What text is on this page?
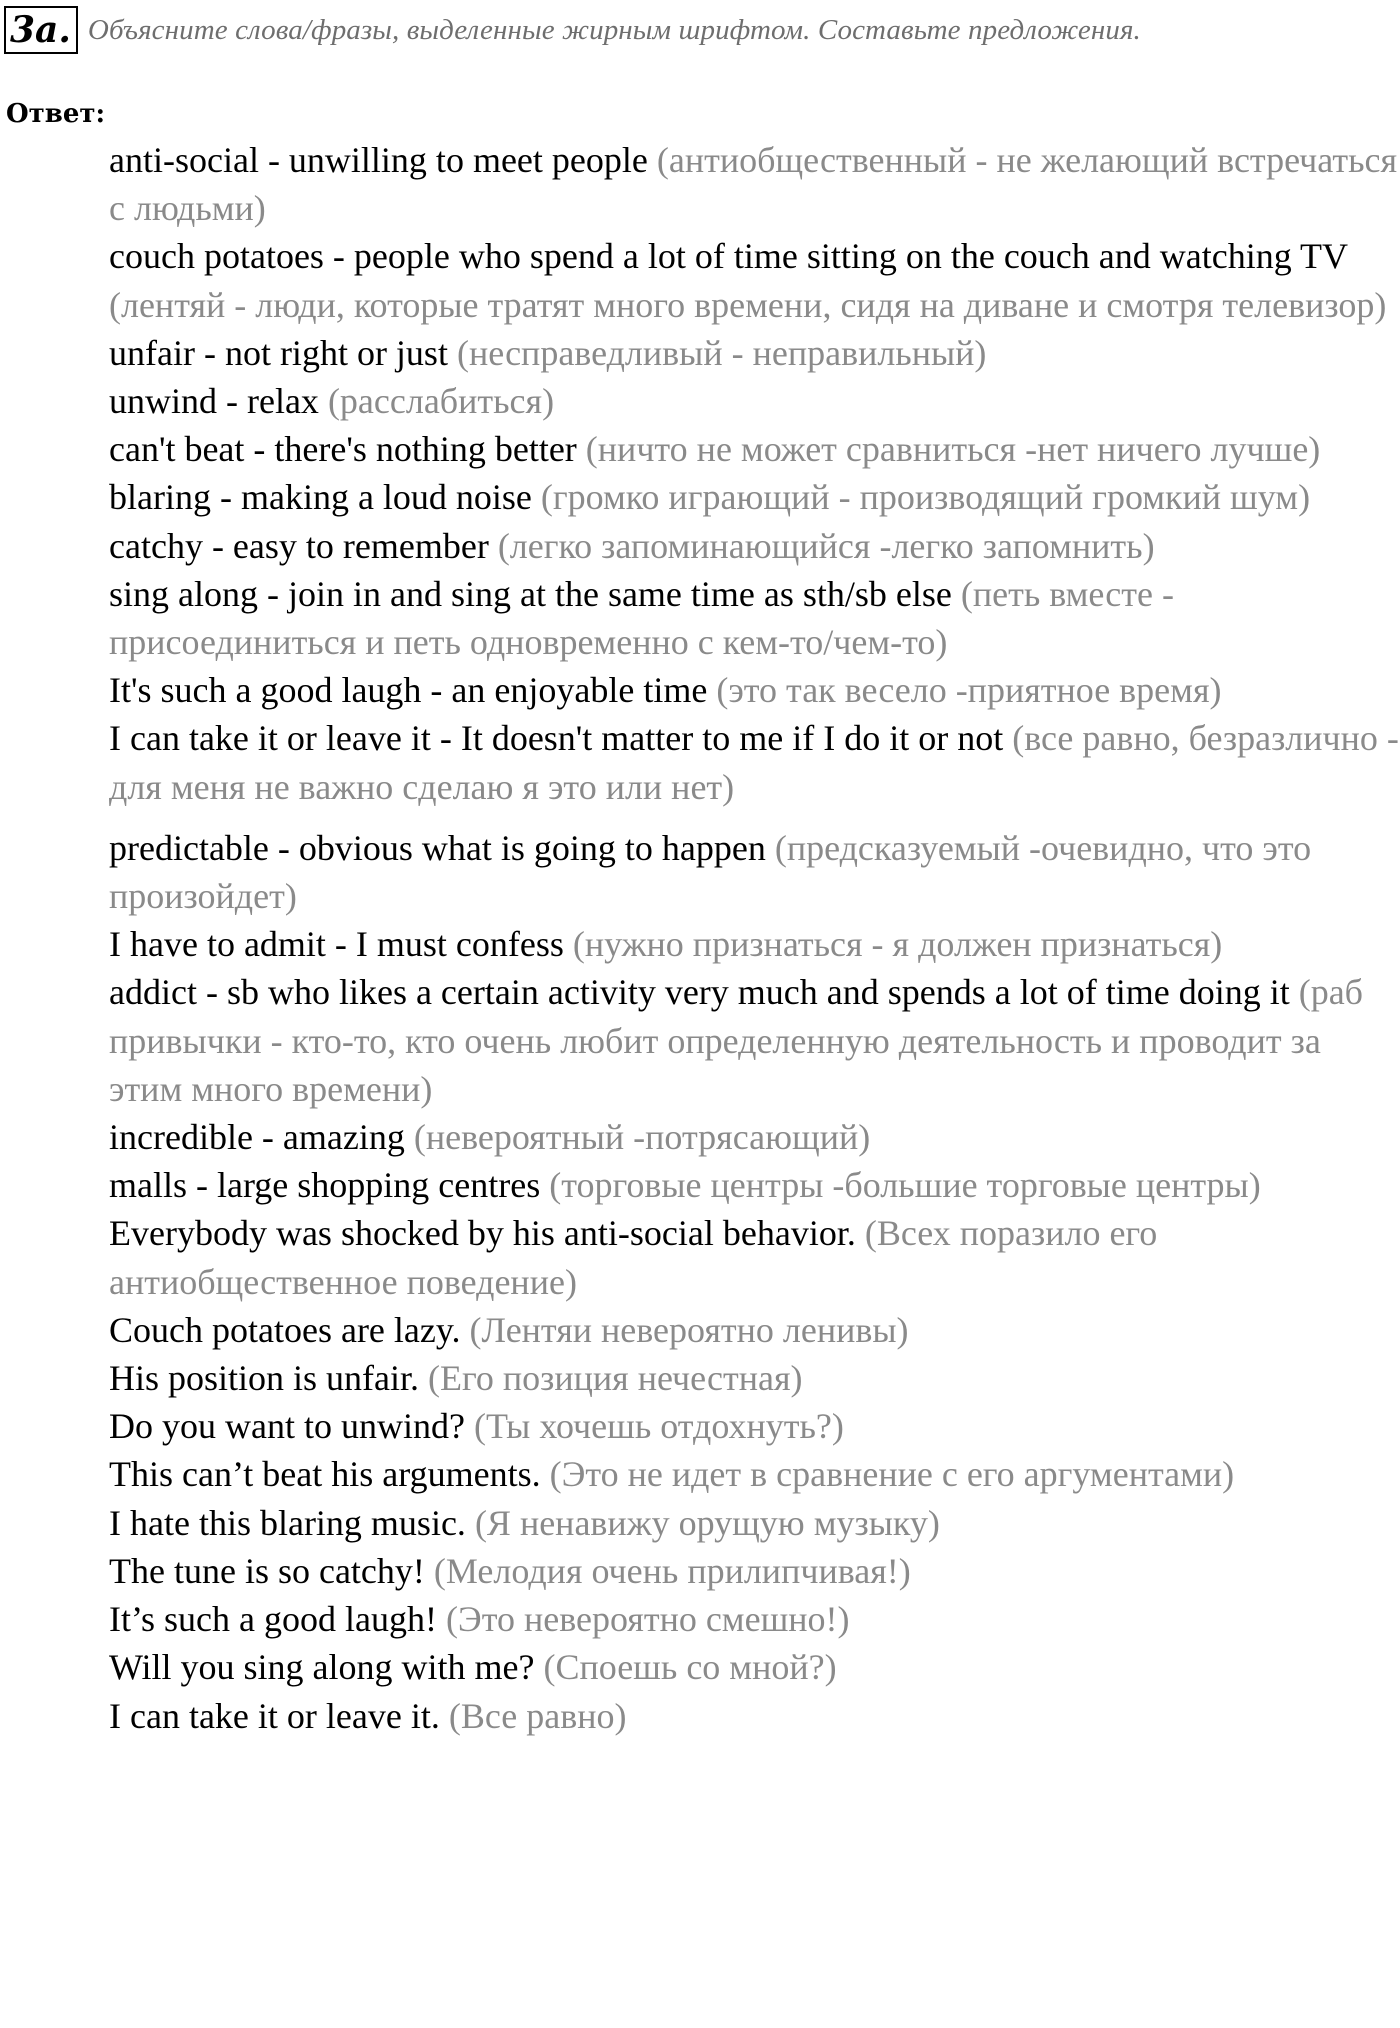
3a. Объясните слова/фразы, выделенные жирным шрифтом. Составьте предложения.
Ответ:
anti-social - unwilling to meet people (антиобщественный - не желающий встречаться с людьми)
couch potatoes - people who spend a lot of time sitting on the couch and watching TV (лентяй - люди, которые тратят много времени, сидя на диване и смотря телевизор)
unfair - not right or just (несправедливый - неправильный)
unwind - relax (расслабиться)
can't beat - there's nothing better (ничто не может сравниться -нет ничего лучше)
blaring - making a loud noise (громко играющий - производящий громкий шум)
catchy - easy to remember (легко запоминающийся -легко запомнить)
sing along - join in and sing at the same time as sth/sb else (петь вместе - присоединиться и петь одновременно с кем-то/чем-то)
It's such a good laugh - an enjoyable time (это так весело -приятное время)
I can take it or leave it - It doesn't matter to me if I do it or not (все равно, безразлично - для меня не важно сделаю я это или нет)
predictable - obvious what is going to happen (предсказуемый -очевидно, что это произойдет)
I have to admit - I must confess (нужно признаться - я должен признаться)
addict - sb who likes a certain activity very much and spends a lot of time doing it (раб привычки - кто-то, кто очень любит определенную деятельность и проводит за этим много времени)
incredible - amazing (невероятный -потрясающий)
malls - large shopping centres (торговые центры -большие торговые центры)
Everybody was shocked by his anti-social behavior. (Всех поразило его антиобщественное поведение)
Couch potatoes are lazy. (Лентяи невероятно ленивы)
His position is unfair. (Его позиция нечестная)
Do you want to unwind? (Ты хочешь отдохнуть?)
This can’t beat his arguments. (Это не идет в сравнение с его аргументами)
I hate this blaring music. (Я ненавижу орущую музыку)
The tune is so catchy! (Мелодия очень прилипчивая!)
It’s such a good laugh! (Это невероятно смешно!)
Will you sing along with me? (Споешь со мной?)
I can take it or leave it. (Все равно)
